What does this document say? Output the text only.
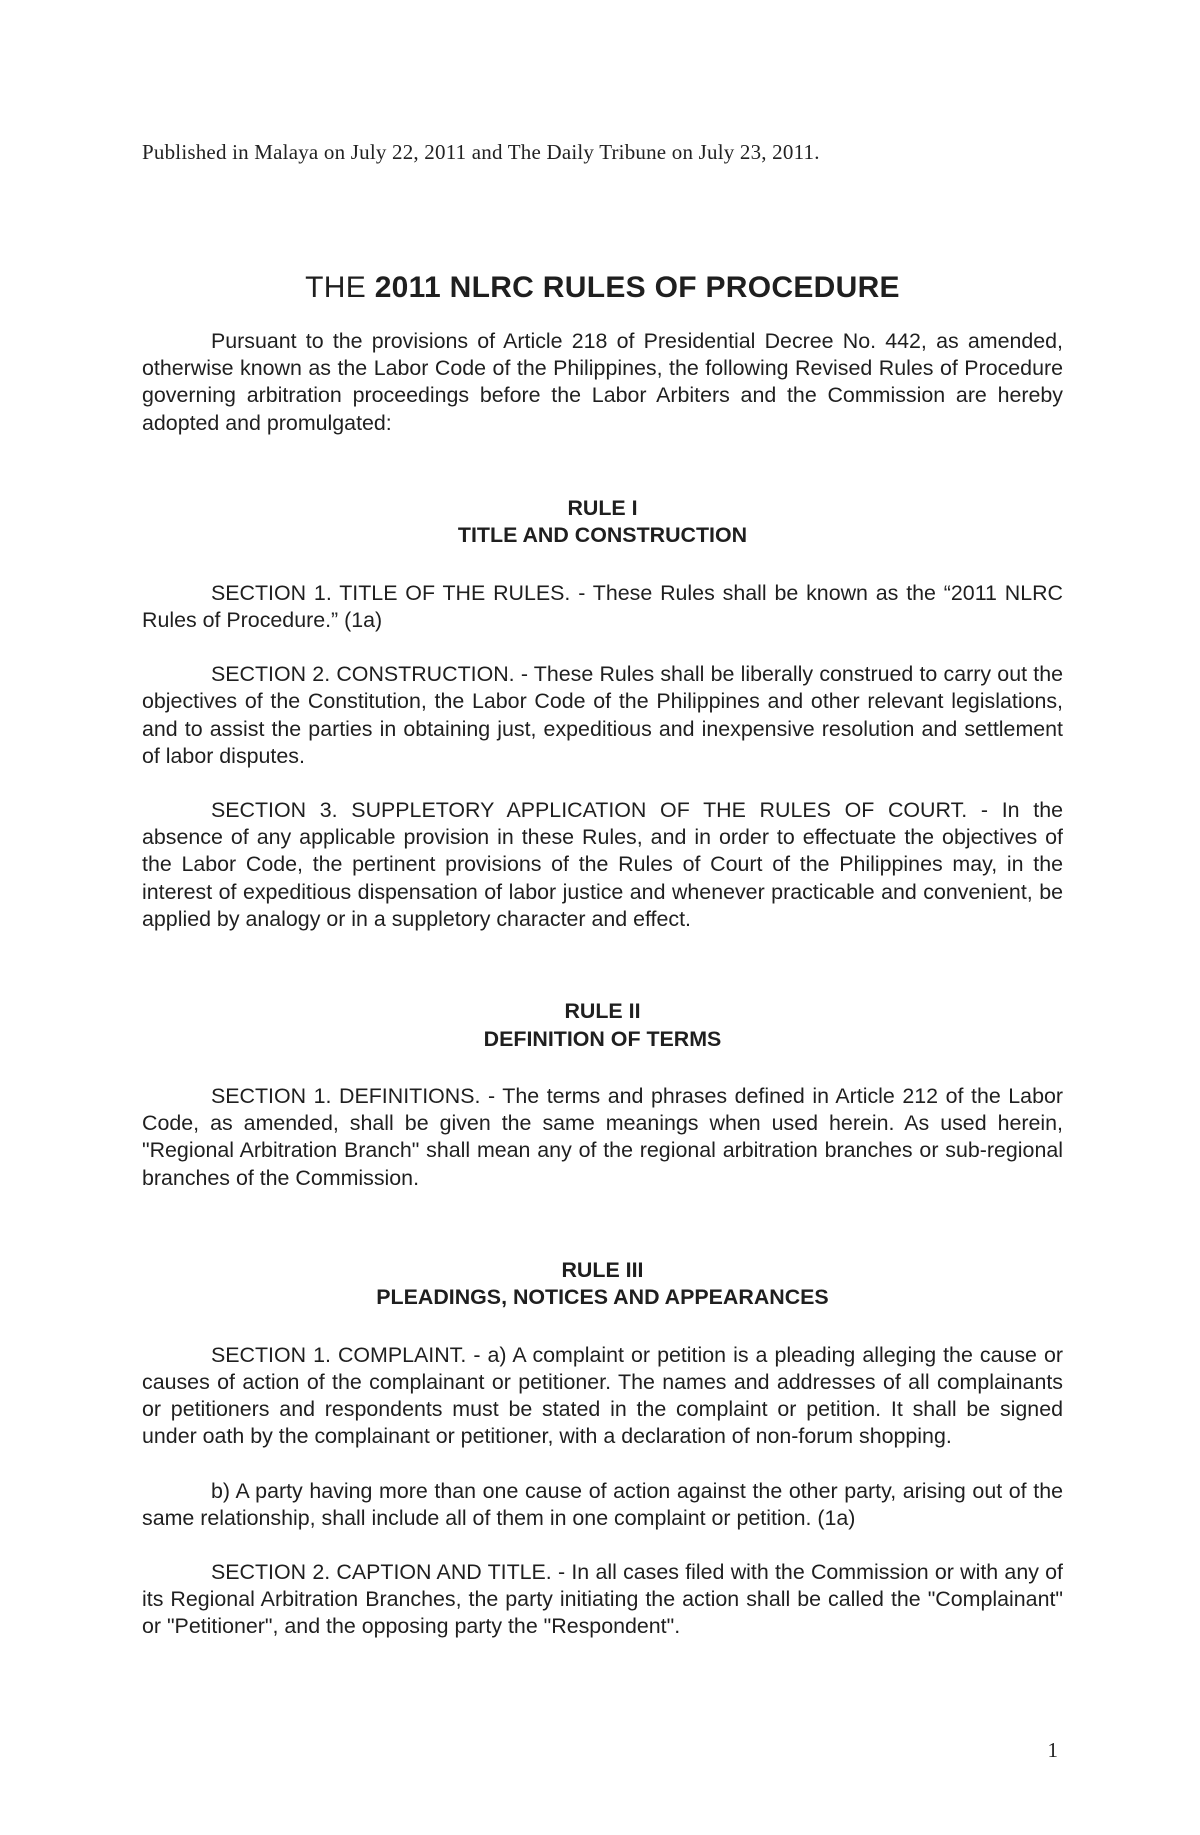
Published in Malaya on July 22, 2011 and The Daily Tribune on July 23, 2011.
THE 2011 NLRC RULES OF PROCEDURE

Pursuant to the provisions of Article 218 of Presidential Decree No. 442, as amended, otherwise known as the Labor Code of the Philippines, the following Revised Rules of Procedure governing arbitration proceedings before the Labor Arbiters and the Commission are hereby adopted and promulgated:

RULE I
TITLE AND CONSTRUCTION

SECTION 1. TITLE OF THE RULES. - These Rules shall be known as the “2011 NLRC Rules of Procedure.” (1a)

SECTION 2. CONSTRUCTION. - These Rules shall be liberally construed to carry out the objectives of the Constitution, the Labor Code of the Philippines and other relevant legislations, and to assist the parties in obtaining just, expeditious and inexpensive resolution and settlement of labor disputes.

SECTION 3. SUPPLETORY APPLICATION OF THE RULES OF COURT. - In the absence of any applicable provision in these Rules, and in order to effectuate the objectives of the Labor Code, the pertinent provisions of the Rules of Court of the Philippines may, in the interest of expeditious dispensation of labor justice and whenever practicable and convenient, be applied by analogy or in a suppletory character and effect.

RULE II
DEFINITION OF TERMS

SECTION 1. DEFINITIONS. - The terms and phrases defined in Article 212 of the Labor Code, as amended, shall be given the same meanings when used herein. As used herein, "Regional Arbitration Branch" shall mean any of the regional arbitration branches or sub-regional branches of the Commission.

RULE III
PLEADINGS, NOTICES AND APPEARANCES

SECTION 1. COMPLAINT. - a) A complaint or petition is a pleading alleging the cause or causes of action of the complainant or petitioner. The names and addresses of all complainants or petitioners and respondents must be stated in the complaint or petition. It shall be signed under oath by the complainant or petitioner, with a declaration of non-forum shopping.

b) A party having more than one cause of action against the other party, arising out of the same relationship, shall include all of them in one complaint or petition. (1a)

SECTION 2. CAPTION AND TITLE. - In all cases filed with the Commission or with any of its Regional Arbitration Branches, the party initiating the action shall be called the "Complainant" or "Petitioner", and the opposing party the "Respondent".

1
